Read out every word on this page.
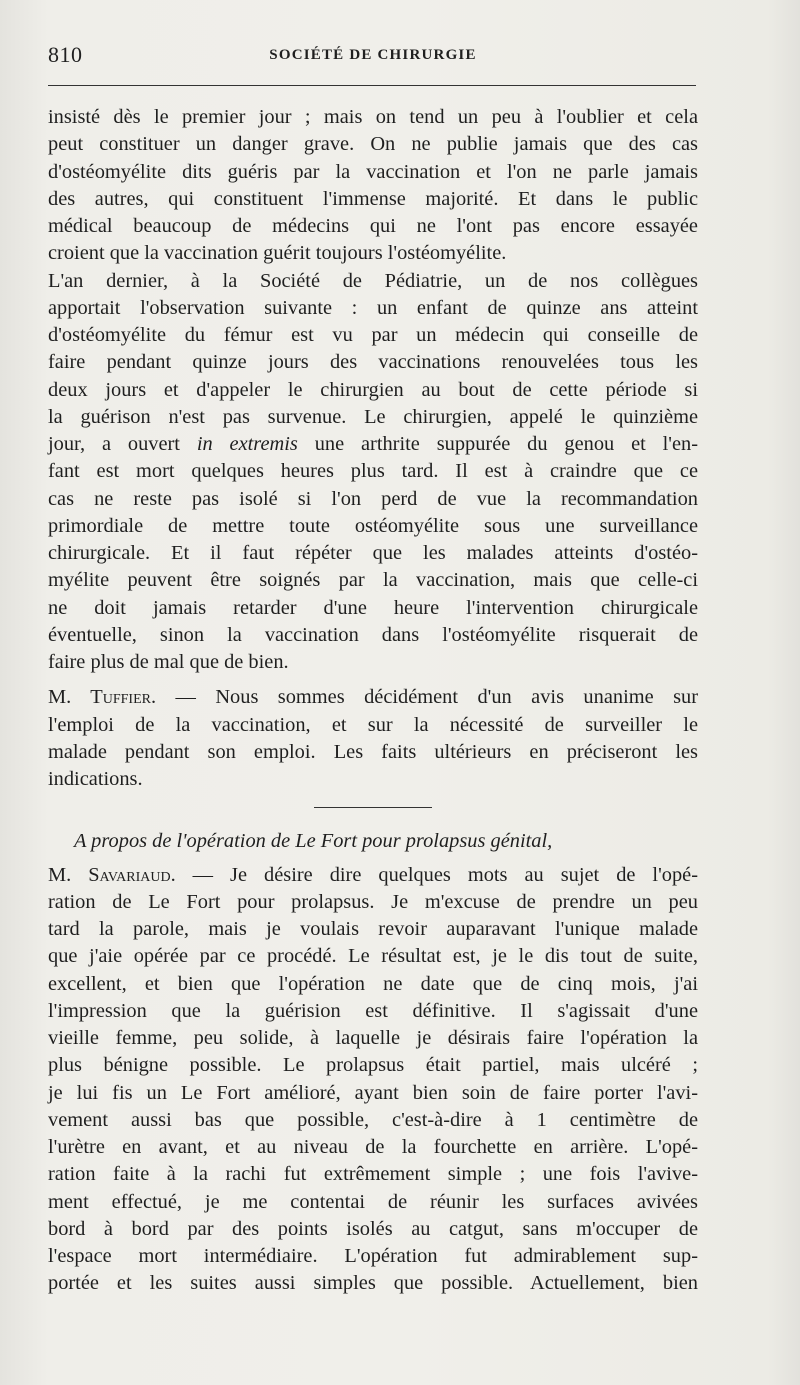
810	SOCIÉTÉ DE CHIRURGIE
insisté dès le premier jour ; mais on tend un peu à l'oublier et cela
peut constituer un danger grave. On ne publie jamais que des cas
d'ostéomyélite dits guéris par la vaccination et l'on ne parle jamais
des autres, qui constituent l'immense majorité. Et dans le public
médical beaucoup de médecins qui ne l'ont pas encore essayée
croient que la vaccination guérit toujours l'ostéomyélite.
L'an dernier, à la Société de Pédiatrie, un de nos collègues
apportait l'observation suivante : un enfant de quinze ans atteint
d'ostéomyélite du fémur est vu par un médecin qui conseille de
faire pendant quinze jours des vaccinations renouvelées tous les
deux jours et d'appeler le chirurgien au bout de cette période si
la guérison n'est pas survenue. Le chirurgien, appelé le quinzième
jour, a ouvert in extremis une arthrite suppurée du genou et l'en-
fant est mort quelques heures plus tard. Il est à craindre que ce
cas ne reste pas isolé si l'on perd de vue la recommandation
primordiale de mettre toute ostéomyélite sous une surveillance
chirurgicale. Et il faut répéter que les malades atteints d'ostéo-
myélite peuvent être soignés par la vaccination, mais que celle-ci
ne doit jamais retarder d'une heure l'intervention chirurgicale
éventuelle, sinon la vaccination dans l'ostéomyélite risquerait de
faire plus de mal que de bien.
M. Tuffier. — Nous sommes décidément d'un avis unanime sur
l'emploi de la vaccination, et sur la nécessité de surveiller le
malade pendant son emploi. Les faits ultérieurs en préciseront les
indications.
A propos de l'opération de Le Fort pour prolapsus génital,
M. Savariaud. — Je désire dire quelques mots au sujet de l'opé-
ration de Le Fort pour prolapsus. Je m'excuse de prendre un peu
tard la parole, mais je voulais revoir auparavant l'unique malade
que j'aie opérée par ce procédé. Le résultat est, je le dis tout de suite,
excellent, et bien que l'opération ne date que de cinq mois, j'ai
l'impression que la guérision est définitive. Il s'agissait d'une
vieille femme, peu solide, à laquelle je désirais faire l'opération la
plus bénigne possible. Le prolapsus était partiel, mais ulcéré ;
je lui fis un Le Fort amélioré, ayant bien soin de faire porter l'avi-
vement aussi bas que possible, c'est-à-dire à 1 centimètre de
l'urètre en avant, et au niveau de la fourchette en arrière. L'opé-
ration faite à la rachi fut extrêmement simple ; une fois l'avive-
ment effectué, je me contentai de réunir les surfaces avivées
bord à bord par des points isolés au catgut, sans m'occuper de
l'espace mort intermédiaire. L'opération fut admirablement sup-
portée et les suites aussi simples que possible. Actuellement, bien
